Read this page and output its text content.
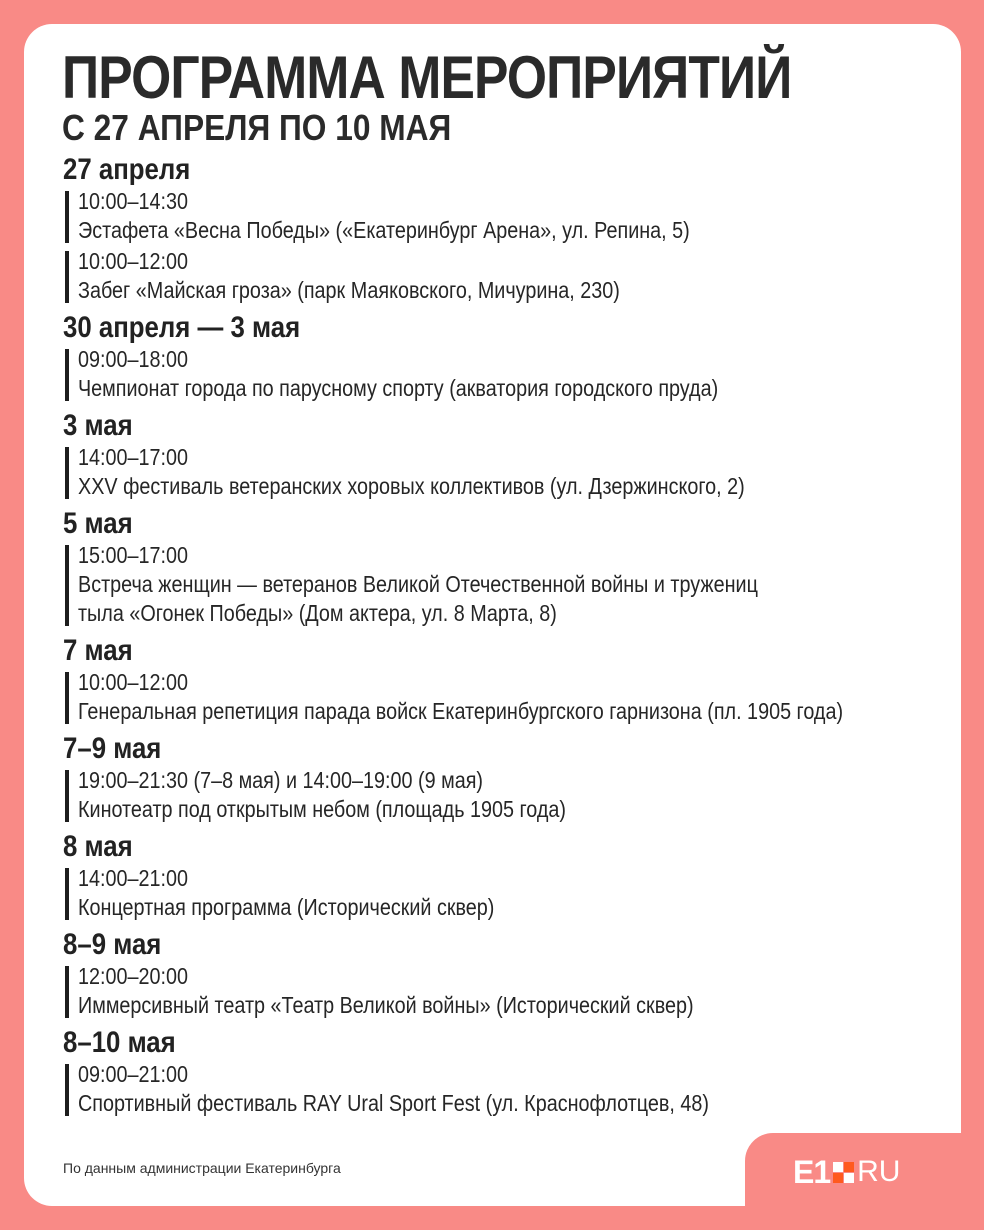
ПРОГРАММА МЕРОПРИЯТИЙ
С 27 АПРЕЛЯ ПО 10 МАЯ
27 апреля
10:00–14:30
Эстафета «Весна Победы» («Екатеринбург Арена», ул. Репина, 5)
10:00–12:00
Забег «Майская гроза» (парк Маяковского, Мичурина, 230)
30 апреля — 3 мая
09:00–18:00
Чемпионат города по парусному спорту (акватория городского пруда)
3 мая
14:00–17:00
XXV фестиваль ветеранских хоровых коллективов (ул. Дзержинского, 2)
5 мая
15:00–17:00
Встреча женщин — ветеранов Великой Отечественной войны и тружениц
тыла «Огонек Победы» (Дом актера, ул. 8 Марта, 8)
7 мая
10:00–12:00
Генеральная репетиция парада войск Екатеринбургского гарнизона (пл. 1905 года)
7–9 мая
19:00–21:30 (7–8 мая) и 14:00–19:00 (9 мая)
Кинотеатр под открытым небом (площадь 1905 года)
8 мая
14:00–21:00
Концертная программа (Исторический сквер)
8–9 мая
12:00–20:00
Иммерсивный театр «Театр Великой войны» (Исторический сквер)
8–10 мая
09:00–21:00
Спортивный фестиваль RAY Ural Sport Fest (ул. Краснофлотцев, 48)
По данным администрации Екатеринбурга	E1 RU
